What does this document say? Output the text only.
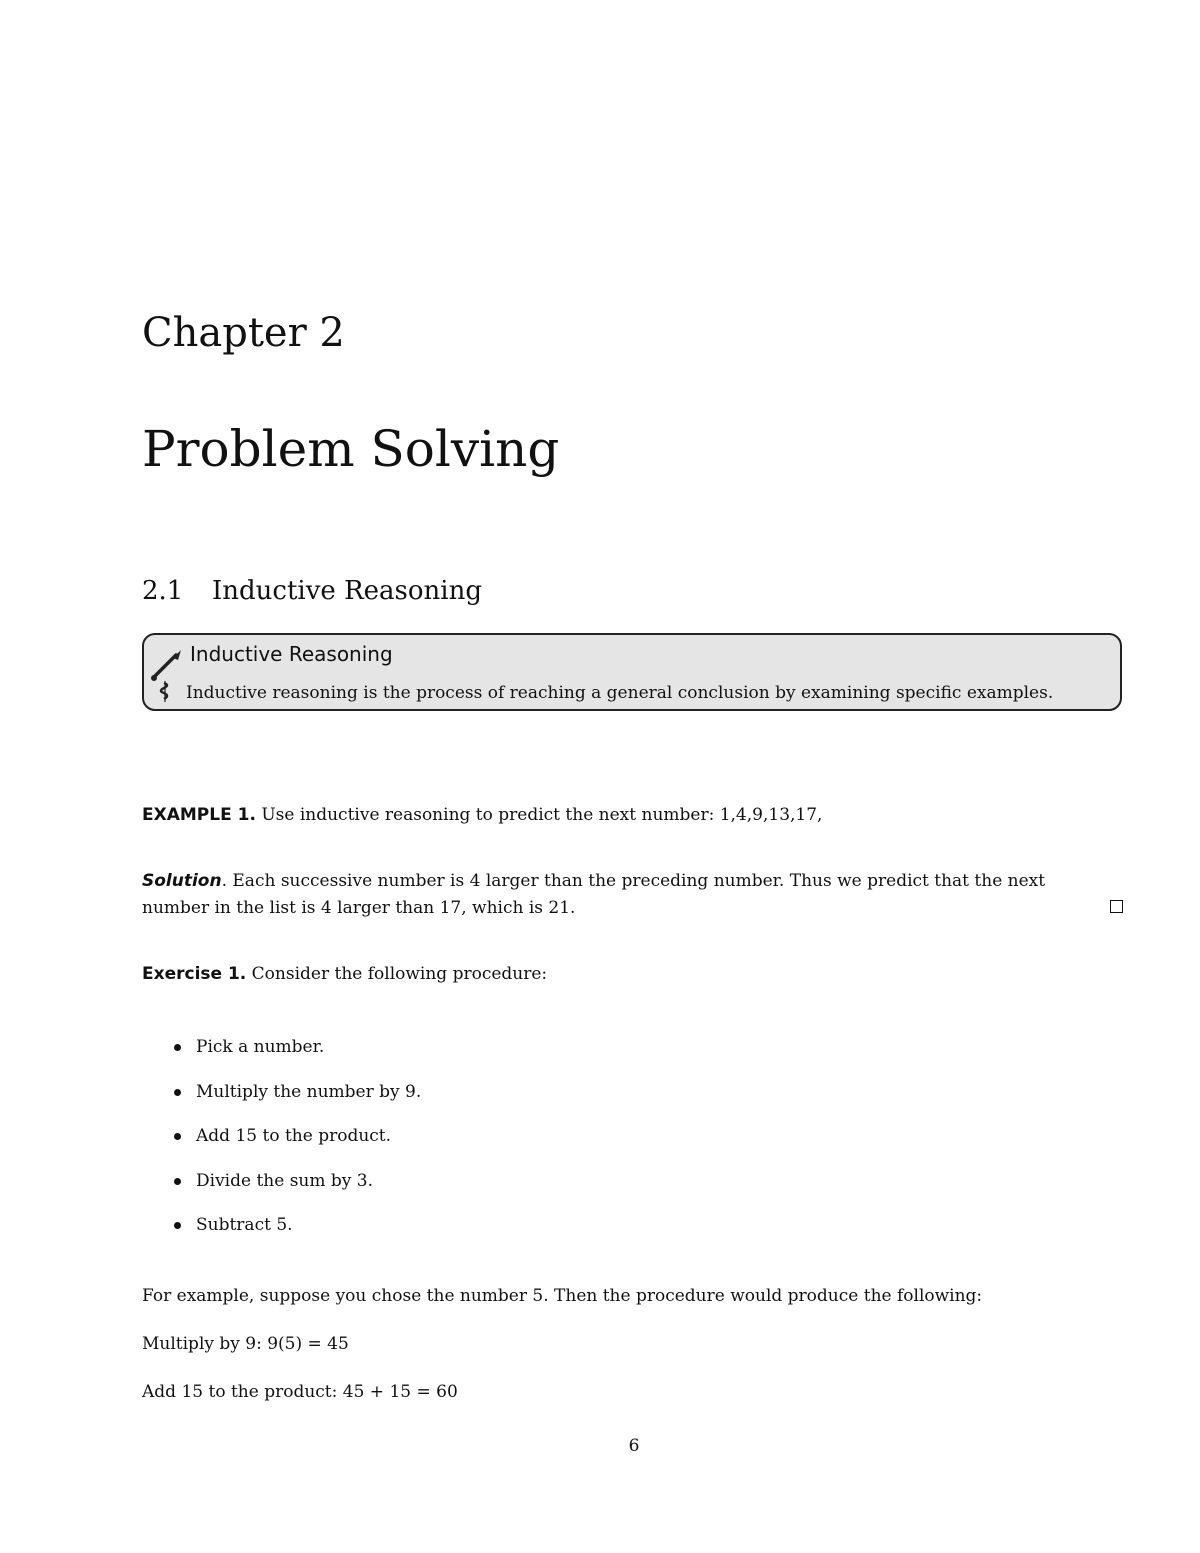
Chapter 2
Problem Solving
2.1 Inductive Reasoning
Inductive Reasoning
Inductive reasoning is the process of reaching a general conclusion by examining specific examples.
EXAMPLE 1. Use inductive reasoning to predict the next number: 1,4,9,13,17,
Solution. Each successive number is 4 larger than the preceding number. Thus we predict that the next
number in the list is 4 larger than 17, which is 21.
Exercise 1. Consider the following procedure:
Pick a number.
Multiply the number by 9.
Add 15 to the product.
Divide the sum by 3.
Subtract 5.
For example, suppose you chose the number 5. Then the procedure would produce the following:
Multiply by 9: 9(5) = 45
Add 15 to the product: 45 + 15 = 60
6
